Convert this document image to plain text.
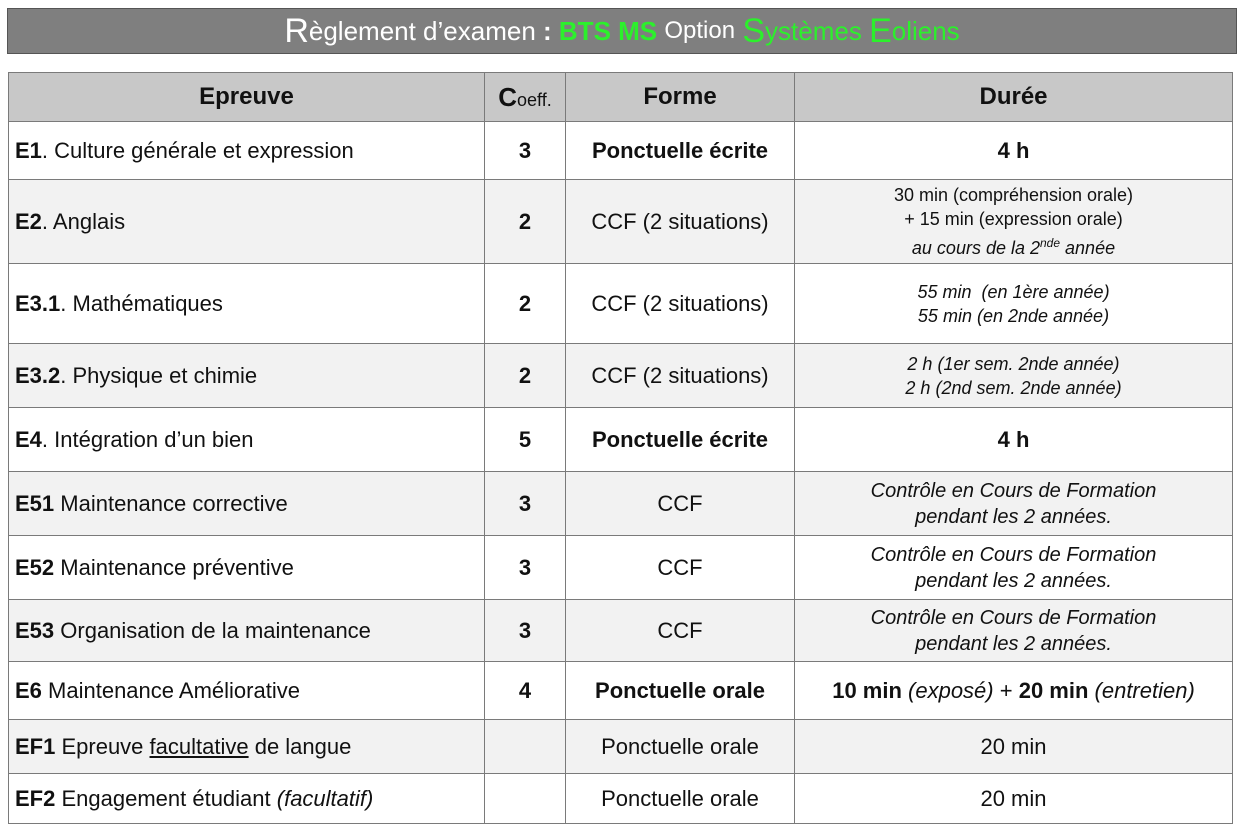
R èglement d’examen : BTS MS
Option
S ystèmes
E oliens
Epreuve	Coeff.	Forme	Durée
E1. Culture générale et expression	3	Ponctuelle écrite	4 h
E2. Anglais	2	CCF (2 situations)	30 min (compréhension orale)
+ 15 min (expression orale)
au cours de la 2nde année

E3.1. Mathématiques	2	CCF (2 situations)	55 min  (en 1ère année)
55 min (en 2nde année)

E3.2. Physique et chimie	2	CCF (2 situations)	2 h (1er sem. 2nde année)
2 h (2nd sem. 2nde année)

E4. Intégration d’un bien	5	Ponctuelle écrite	4 h
E51 Maintenance corrective	3	CCF	Contrôle en Cours de Formation
pendant les 2 années.

E52 Maintenance préventive	3	CCF	Contrôle en Cours de Formation
pendant les 2 années.

E53 Organisation de la maintenance	3	CCF	Contrôle en Cours de Formation
pendant les 2 années.

E6 Maintenance Améliorative	4	Ponctuelle orale	10 min (exposé) + 20 min (entretien)
EF1 Epreuve facultative de langue		Ponctuelle orale	20 min
EF2 Engagement étudiant (facultatif)		Ponctuelle orale	20 min
